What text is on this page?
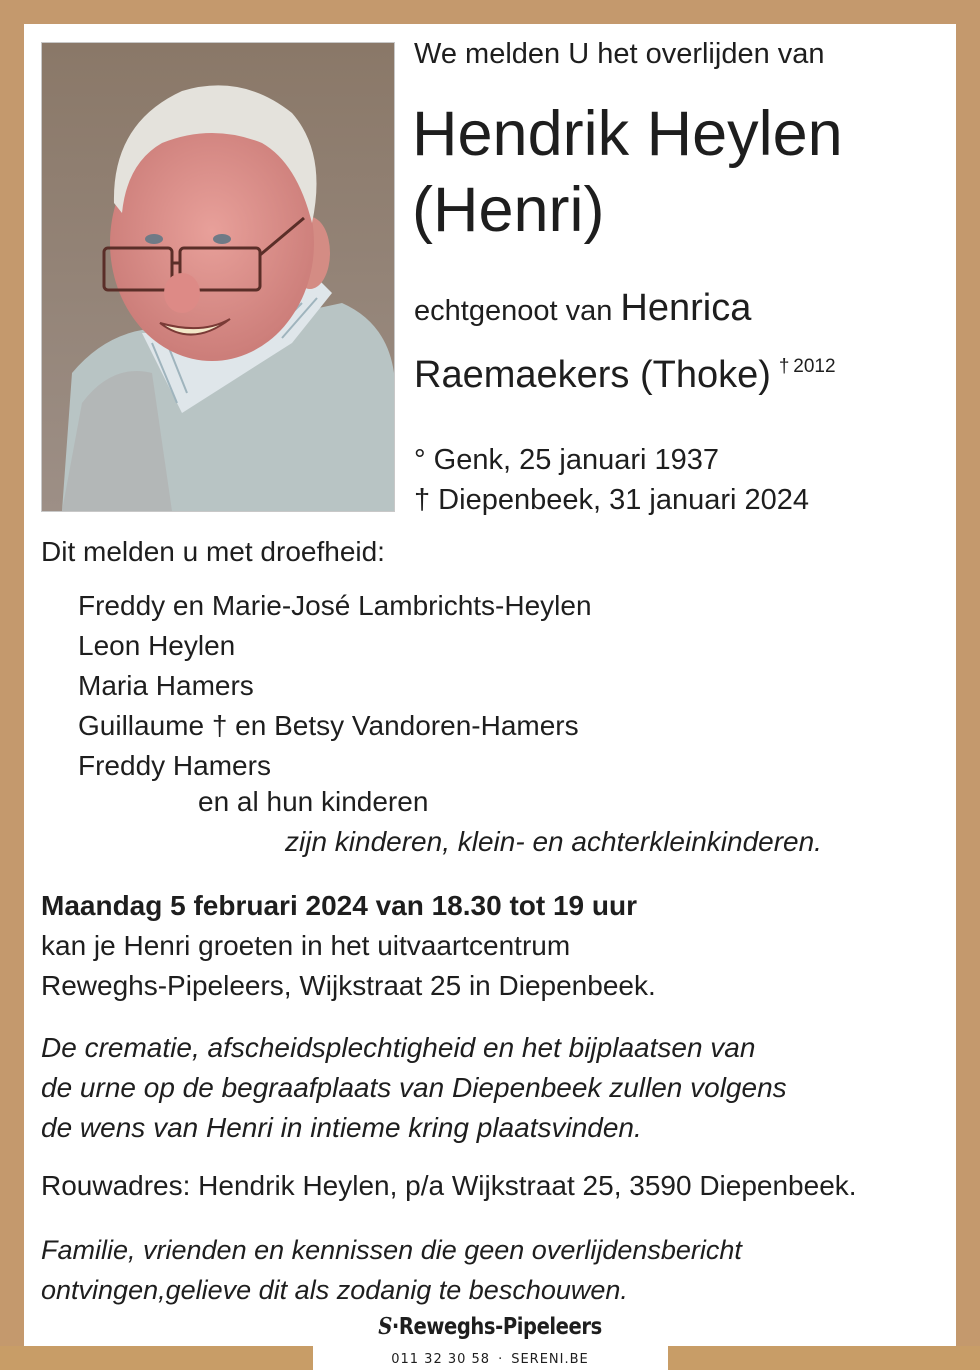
We melden U het overlijden van
Hendrik Heylen
(Henri)
echtgenoot van Henrica
Raemaekers (Thoke) $^{\dagger 2012}$
° Genk, 25 januari 1937
† Diepenbeek, 31 januari 2024
Dit melden u met droefheid:
Freddy en Marie-José Lambrichts-Heylen
Leon Heylen
Maria Hamers
Guillaume † en Betsy Vandoren-Hamers
Freddy Hamers
en al hun kinderen
zijn kinderen, klein- en achterkleinkinderen.
Maandag 5 februari 2024 van 18.30 tot 19 uur
kan je Henri groeten in het uitvaartcentrum
Reweghs-Pipeleers, Wijkstraat 25 in Diepenbeek.
De crematie, afscheidsplechtigheid en het bijplaatsen van
de urne op de begraafplaats van Diepenbeek zullen volgens
de wens van Henri in intieme kring plaatsvinden.
Rouwadres: Hendrik Heylen, p/a Wijkstraat 25, 3590 Diepenbeek.
Familie, vrienden en kennissen die geen overlijdensbericht
ontvingen,gelieve dit als zodanig te beschouwen.
S·Reweghs-Pipeleers
011 32 30 58 · SERENI.BE
